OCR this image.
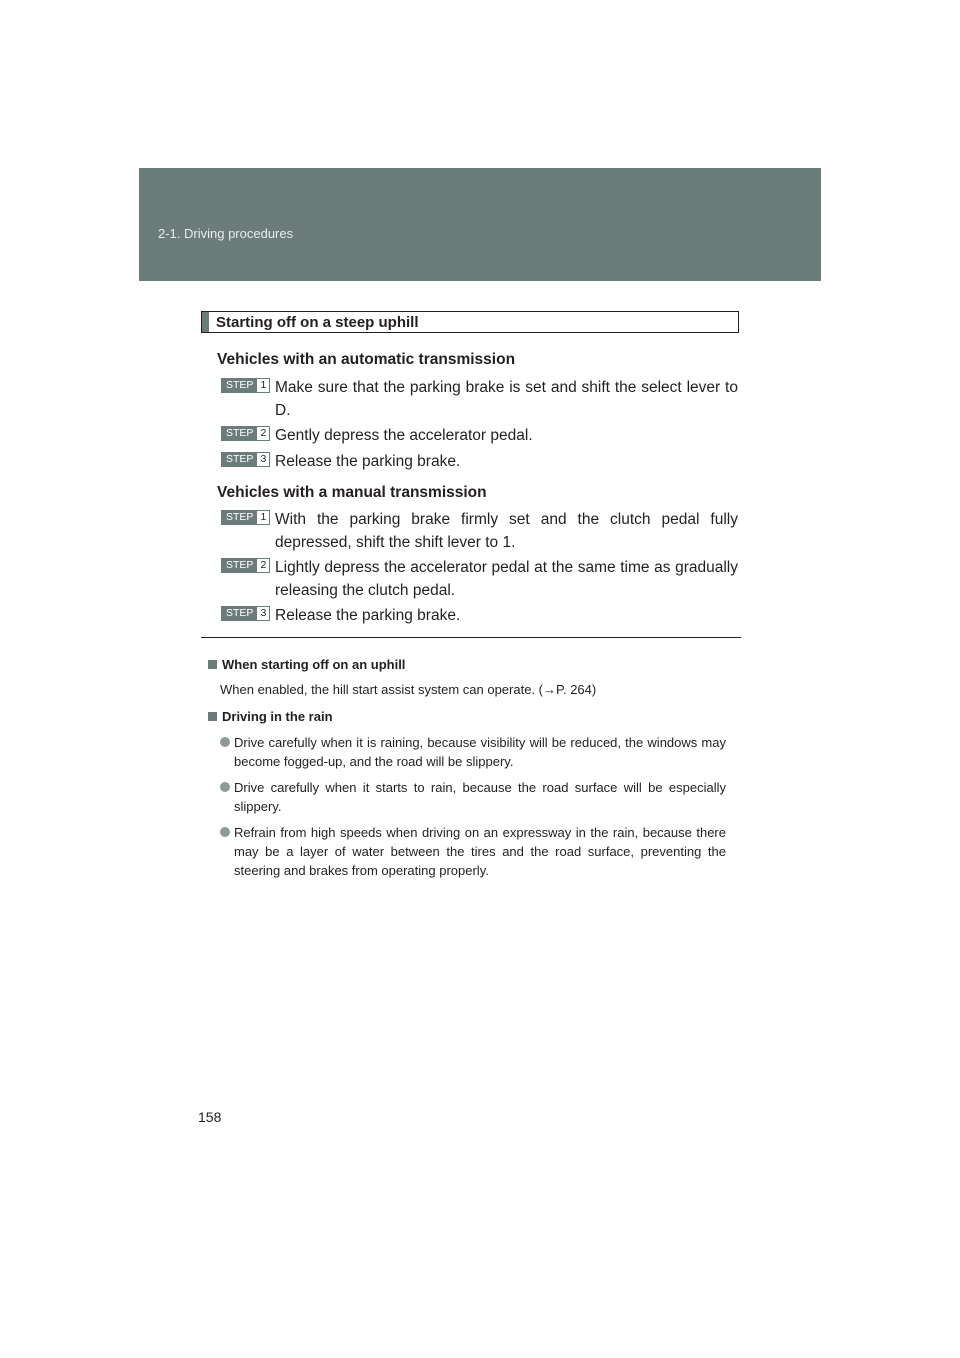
2-1. Driving procedures
Starting off on a steep uphill
Vehicles with an automatic transmission
STEP 1 Make sure that the parking brake is set and shift the select lever to D.
STEP 2 Gently depress the accelerator pedal.
STEP 3 Release the parking brake.
Vehicles with a manual transmission
STEP 1 With the parking brake firmly set and the clutch pedal fully depressed, shift the shift lever to 1.
STEP 2 Lightly depress the accelerator pedal at the same time as gradually releasing the clutch pedal.
STEP 3 Release the parking brake.
When starting off on an uphill
When enabled, the hill start assist system can operate. (→P. 264)
Driving in the rain
Drive carefully when it is raining, because visibility will be reduced, the windows may become fogged-up, and the road will be slippery.
Drive carefully when it starts to rain, because the road surface will be especially slippery.
Refrain from high speeds when driving on an expressway in the rain, because there may be a layer of water between the tires and the road surface, preventing the steering and brakes from operating properly.
158
